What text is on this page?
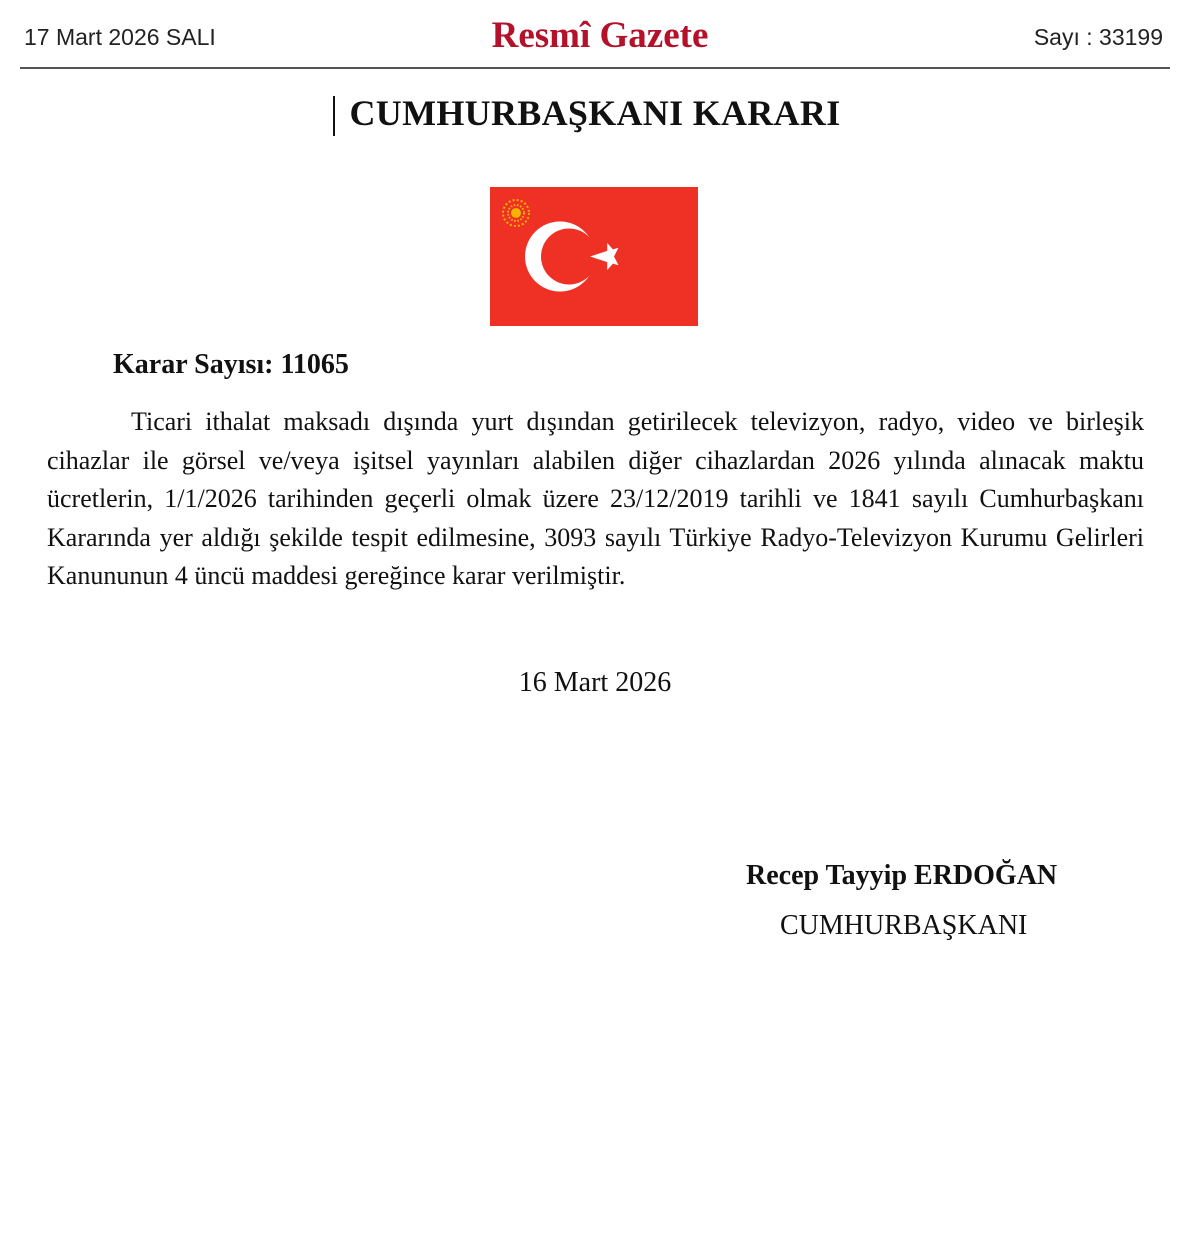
17 Mart 2026 SALI	Resmî Gazete	Sayı : 33199
CUMHURBAŞKANI KARARI
Karar Sayısı: 11065
Ticari ithalat maksadı dışında yurt dışından getirilecek televizyon, radyo, video ve birleşik cihazlar ile görsel ve/veya işitsel yayınları alabilen diğer cihazlardan 2026 yılında alınacak maktu ücretlerin, 1/1/2026 tarihinden geçerli olmak üzere 23/12/2019 tarihli ve 1841 sayılı Cumhurbaşkanı Kararında yer aldığı şekilde tespit edilmesine, 3093 sayılı Türkiye Radyo-Televizyon Kurumu Gelirleri Kanununun 4 üncü maddesi gereğince karar verilmiştir.
16 Mart 2026
Recep Tayyip ERDOĞAN
CUMHURBAŞKANI
